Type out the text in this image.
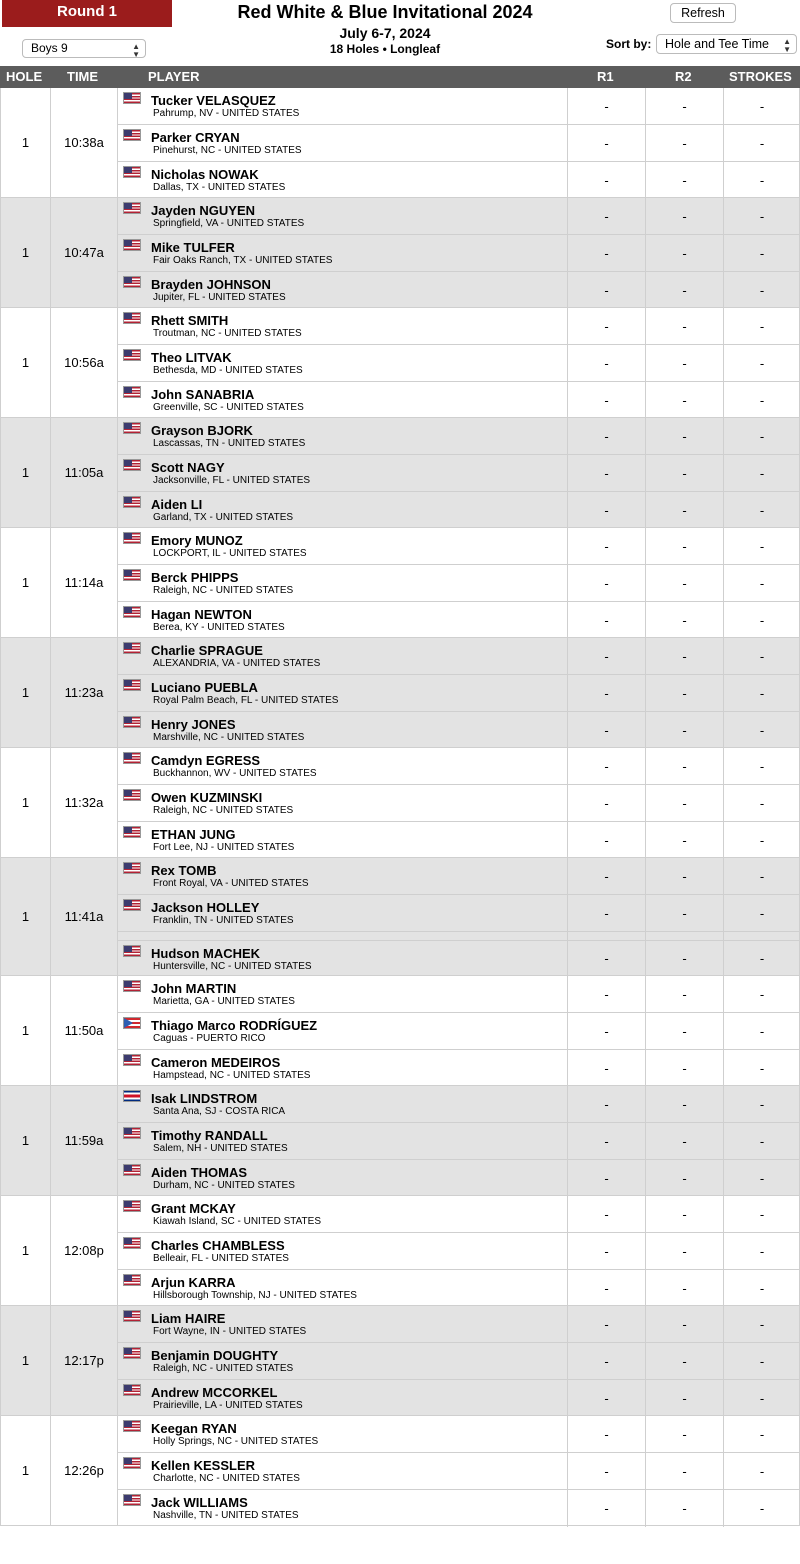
Round 1
Boys 9	▲
▼
Red White & Blue Invitational 2024
July 6-7, 2024
18 Holes • Longleaf
Refresh
Sort by:	Hole and Tee Time ▲
▼
HOLE TIME	PLAYER	R1	R2	STROKES
1	10:38a
Tucker VELASQUEZ
Pahrump, NV - UNITED STATES	-	-	-
Parker CRYAN
Pinehurst, NC - UNITED STATES	-	-	-
Nicholas NOWAK
Dallas, TX - UNITED STATES	-	-	-
1	10:47a
Jayden NGUYEN
Springfield, VA - UNITED STATES	-	-	-
Mike TULFER
Fair Oaks Ranch, TX - UNITED STATES	-	-	-
Brayden JOHNSON
Jupiter, FL - UNITED STATES	-	-	-
1	10:56a
Rhett SMITH
Troutman, NC - UNITED STATES	-	-	-
Theo LITVAK
Bethesda, MD - UNITED STATES	-	-	-
John SANABRIA
Greenville, SC - UNITED STATES	-	-	-
1	11:05a
Grayson BJORK
Lascassas, TN - UNITED STATES	-	-	-
Scott NAGY
Jacksonville, FL - UNITED STATES	-	-	-
Aiden LI
Garland, TX - UNITED STATES	-	-	-
1	11:14a
Emory MUNOZ
LOCKPORT, IL - UNITED STATES	-	-	-
Berck PHIPPS
Raleigh, NC - UNITED STATES	-	-	-
Hagan NEWTON
Berea, KY - UNITED STATES	-	-	-
1	11:23a
Charlie SPRAGUE
ALEXANDRIA, VA - UNITED STATES	-	-	-
Luciano PUEBLA
Royal Palm Beach, FL - UNITED STATES	-	-	-
Henry JONES
Marshville, NC - UNITED STATES	-	-	-
1	11:32a
Camdyn EGRESS
Buckhannon, WV - UNITED STATES	-	-	-
Owen KUZMINSKI
Raleigh, NC - UNITED STATES	-	-	-
ETHAN JUNG
Fort Lee, NJ - UNITED STATES	-	-	-
1	11:41a
Rex TOMB
Front Royal, VA - UNITED STATES	-	-	-
Jackson HOLLEY
Franklin, TN - UNITED STATES	-	-	-
Hudson MACHEK
Huntersville, NC - UNITED STATES
-	-	-
1	11:50a
John MARTIN
Marietta, GA - UNITED STATES	-	-	-
Thiago Marco RODRÍGUEZ
Caguas - PUERTO RICO	-	-	-
Cameron MEDEIROS
Hampstead, NC - UNITED STATES	-	-	-
1	11:59a
Isak LINDSTROM
Santa Ana, SJ - COSTA RICA	-	-	-
Timothy RANDALL
Salem, NH - UNITED STATES	-	-	-
Aiden THOMAS
Durham, NC - UNITED STATES	-	-	-
1	12:08p
Grant MCKAY
Kiawah Island, SC - UNITED STATES	-	-	-
Charles CHAMBLESS
Belleair, FL - UNITED STATES	-	-	-
Arjun KARRA
Hillsborough Township, NJ - UNITED STATES	-	-	-
1	12:17p
Liam HAIRE
Fort Wayne, IN - UNITED STATES	-	-	-
Benjamin DOUGHTY
Raleigh, NC - UNITED STATES	-	-	-
Andrew MCCORKEL
Prairieville, LA - UNITED STATES	-	-	-
1	12:26p
Keegan RYAN
Holly Springs, NC - UNITED STATES	-	-	-
Kellen KESSLER
Charlotte, NC - UNITED STATES	-	-	-
Jack WILLIAMS
Nashville, TN - UNITED STATES	-	-	-
